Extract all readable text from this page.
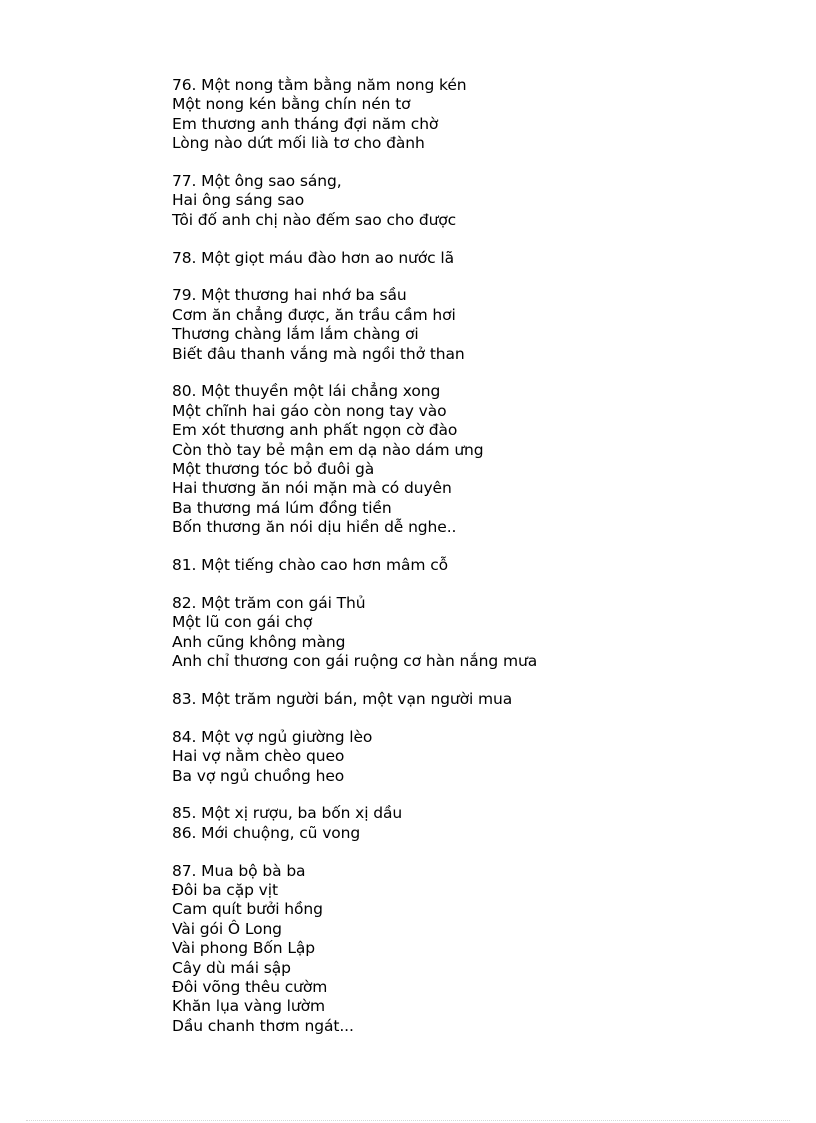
76. Một nong tằm bằng năm nong kén
Một nong kén bằng chín nén tơ
Em thương anh tháng đợi năm chờ
Lòng nào dứt mối lià tơ cho đành
77. Một ông sao sáng,
Hai ông sáng sao
Tôi đố anh chị nào đếm sao cho được
78. Một giọt máu đào hơn ao nước lã
79. Một thương hai nhớ ba sầu
Cơm ăn chẳng được, ăn trầu cầm hơi
Thương chàng lắm lắm chàng ơi
Biết đâu thanh vắng mà ngồi thở than
80. Một thuyền một lái chẳng xong
Một chĩnh hai gáo còn nong tay vào
Em xót thương anh phất ngọn cờ đào
Còn thò tay bẻ mận em dạ nào dám ưng
Một thương tóc bỏ đuôi gà
Hai thương ăn nói mặn mà có duyên
Ba thương má lúm đồng tiền
Bốn thương ăn nói dịu hiền dễ nghe..
81. Một tiếng chào cao hơn mâm cỗ
82. Một trăm con gái Thủ
Một lũ con gái chợ
Anh cũng không màng
Anh chỉ thương con gái ruộng cơ hàn nắng mưa
83. Một trăm người bán, một vạn người mua
84. Một vợ ngủ giường lèo
Hai vợ nằm chèo queo
Ba vợ ngủ chuồng heo
85. Một xị rượu, ba bốn xị dầu
86. Mới chuộng, cũ vong
87. Mua bộ bà ba
Đôi ba cặp vịt
Cam quít bưởi hồng
Vài gói Ô Long
Vài phong Bốn Lập
Cây dù mái sập
Đôi võng thêu cườm
Khăn lụa vàng lườm
Dầu chanh thơm ngát...
